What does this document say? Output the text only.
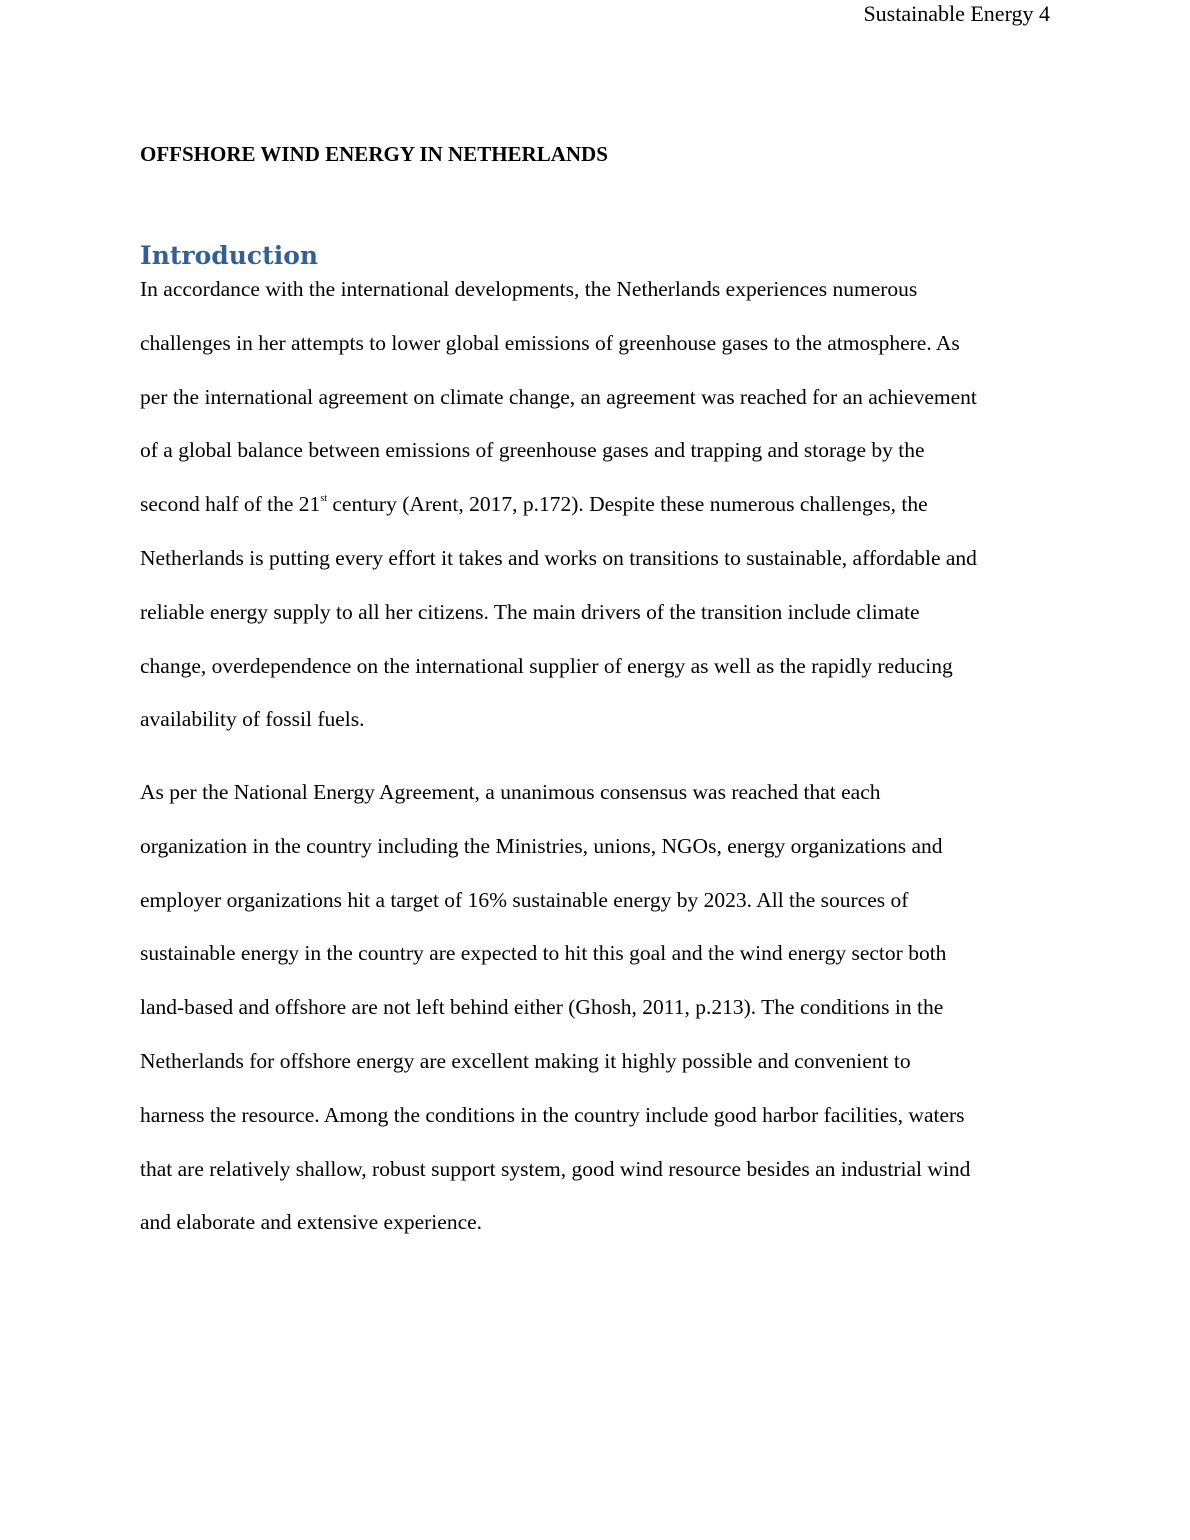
Sustainable Energy 4
OFFSHORE WIND ENERGY IN NETHERLANDS
Introduction
In accordance with the international developments, the Netherlands experiences numerous
challenges in her attempts to lower global emissions of greenhouse gases to the atmosphere. As
per the international agreement on climate change, an agreement was reached for an achievement
of a global balance between emissions of greenhouse gases and trapping and storage by the
second half of the 21st century (Arent, 2017, p.172). Despite these numerous challenges, the
Netherlands is putting every effort it takes and works on transitions to sustainable, affordable and
reliable energy supply to all her citizens. The main drivers of the transition include climate
change, overdependence on the international supplier of energy as well as the rapidly reducing
availability of fossil fuels.
As per the National Energy Agreement, a unanimous consensus was reached that each
organization in the country including the Ministries, unions, NGOs, energy organizations and
employer organizations hit a target of 16% sustainable energy by 2023. All the sources of
sustainable energy in the country are expected to hit this goal and the wind energy sector both
land-based and offshore are not left behind either (Ghosh, 2011, p.213). The conditions in the
Netherlands for offshore energy are excellent making it highly possible and convenient to
harness the resource. Among the conditions in the country include good harbor facilities, waters
that are relatively shallow, robust support system, good wind resource besides an industrial wind
and elaborate and extensive experience.
